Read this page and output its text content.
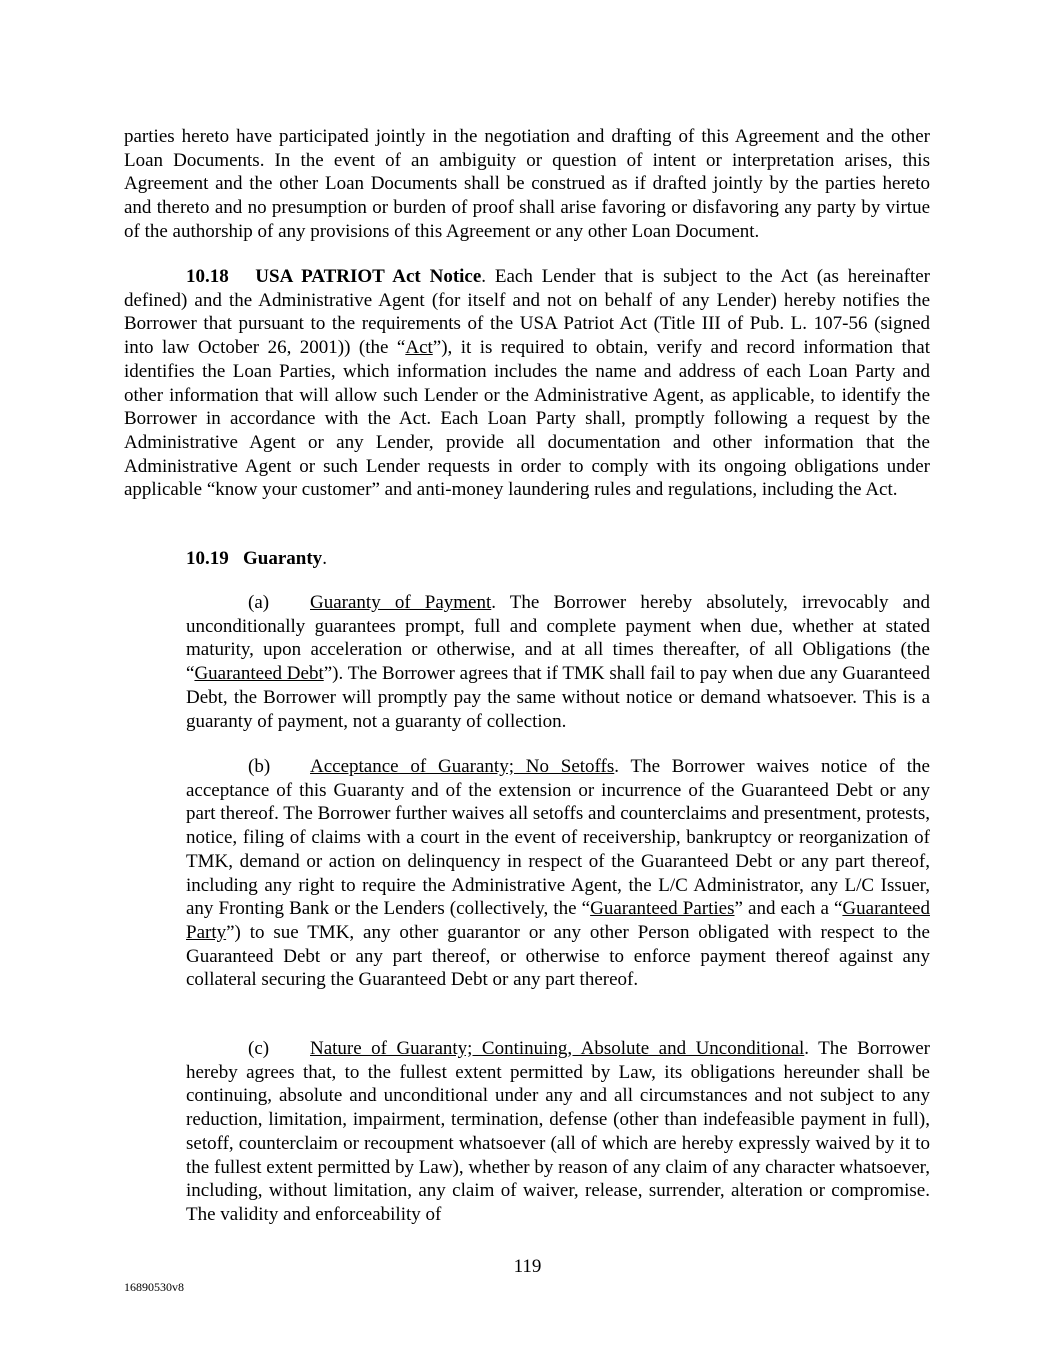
parties hereto have participated jointly in the negotiation and drafting of this Agreement and the other Loan Documents. In the event of an ambiguity or question of intent or interpretation arises, this Agreement and the other Loan Documents shall be construed as if drafted jointly by the parties hereto and thereto and no presumption or burden of proof shall arise favoring or disfavoring any party by virtue of the authorship of any provisions of this Agreement or any other Loan Document.

10.18 USA PATRIOT Act Notice. Each Lender that is subject to the Act (as hereinafter defined) and the Administrative Agent (for itself and not on behalf of any Lender) hereby notifies the Borrower that pursuant to the requirements of the USA Patriot Act (Title III of Pub. L. 107-56 (signed into law October 26, 2001)) (the “Act”), it is required to obtain, verify and record information that identifies the Loan Parties, which information includes the name and address of each Loan Party and other information that will allow such Lender or the Administrative Agent, as applicable, to identify the Borrower in accordance with the Act. Each Loan Party shall, promptly following a request by the Administrative Agent or any Lender, provide all documentation and other information that the Administrative Agent or such Lender requests in order to comply with its ongoing obligations under applicable “know your customer” and anti-money laundering rules and regulations, including the Act.

10.19 Guaranty.

(a) Guaranty of Payment. The Borrower hereby absolutely, irrevocably and unconditionally guarantees prompt, full and complete payment when due, whether at stated maturity, upon acceleration or otherwise, and at all times thereafter, of all Obligations (the “Guaranteed Debt”). The Borrower agrees that if TMK shall fail to pay when due any Guaranteed Debt, the Borrower will promptly pay the same without notice or demand whatsoever. This is a guaranty of payment, not a guaranty of collection.

(b) Acceptance of Guaranty; No Setoffs. The Borrower waives notice of the acceptance of this Guaranty and of the extension or incurrence of the Guaranteed Debt or any part thereof. The Borrower further waives all setoffs and counterclaims and presentment, protests, notice, filing of claims with a court in the event of receivership, bankruptcy or reorganization of TMK, demand or action on delinquency in respect of the Guaranteed Debt or any part thereof, including any right to require the Administrative Agent, the L/C Administrator, any L/C Issuer, any Fronting Bank or the Lenders (collectively, the “Guaranteed Parties” and each a “Guaranteed Party”) to sue TMK, any other guarantor or any other Person obligated with respect to the Guaranteed Debt or any part thereof, or otherwise to enforce payment thereof against any collateral securing the Guaranteed Debt or any part thereof.

(c) Nature of Guaranty; Continuing, Absolute and Unconditional. The Borrower hereby agrees that, to the fullest extent permitted by Law, its obligations hereunder shall be continuing, absolute and unconditional under any and all circumstances and not subject to any reduction, limitation, impairment, termination, defense (other than indefeasible payment in full), setoff, counterclaim or recoupment whatsoever (all of which are hereby expressly waived by it to the fullest extent permitted by Law), whether by reason of any claim of any character whatsoever, including, without limitation, any claim of waiver, release, surrender, alteration or compromise. The validity and enforceability of

119
16890530v8
